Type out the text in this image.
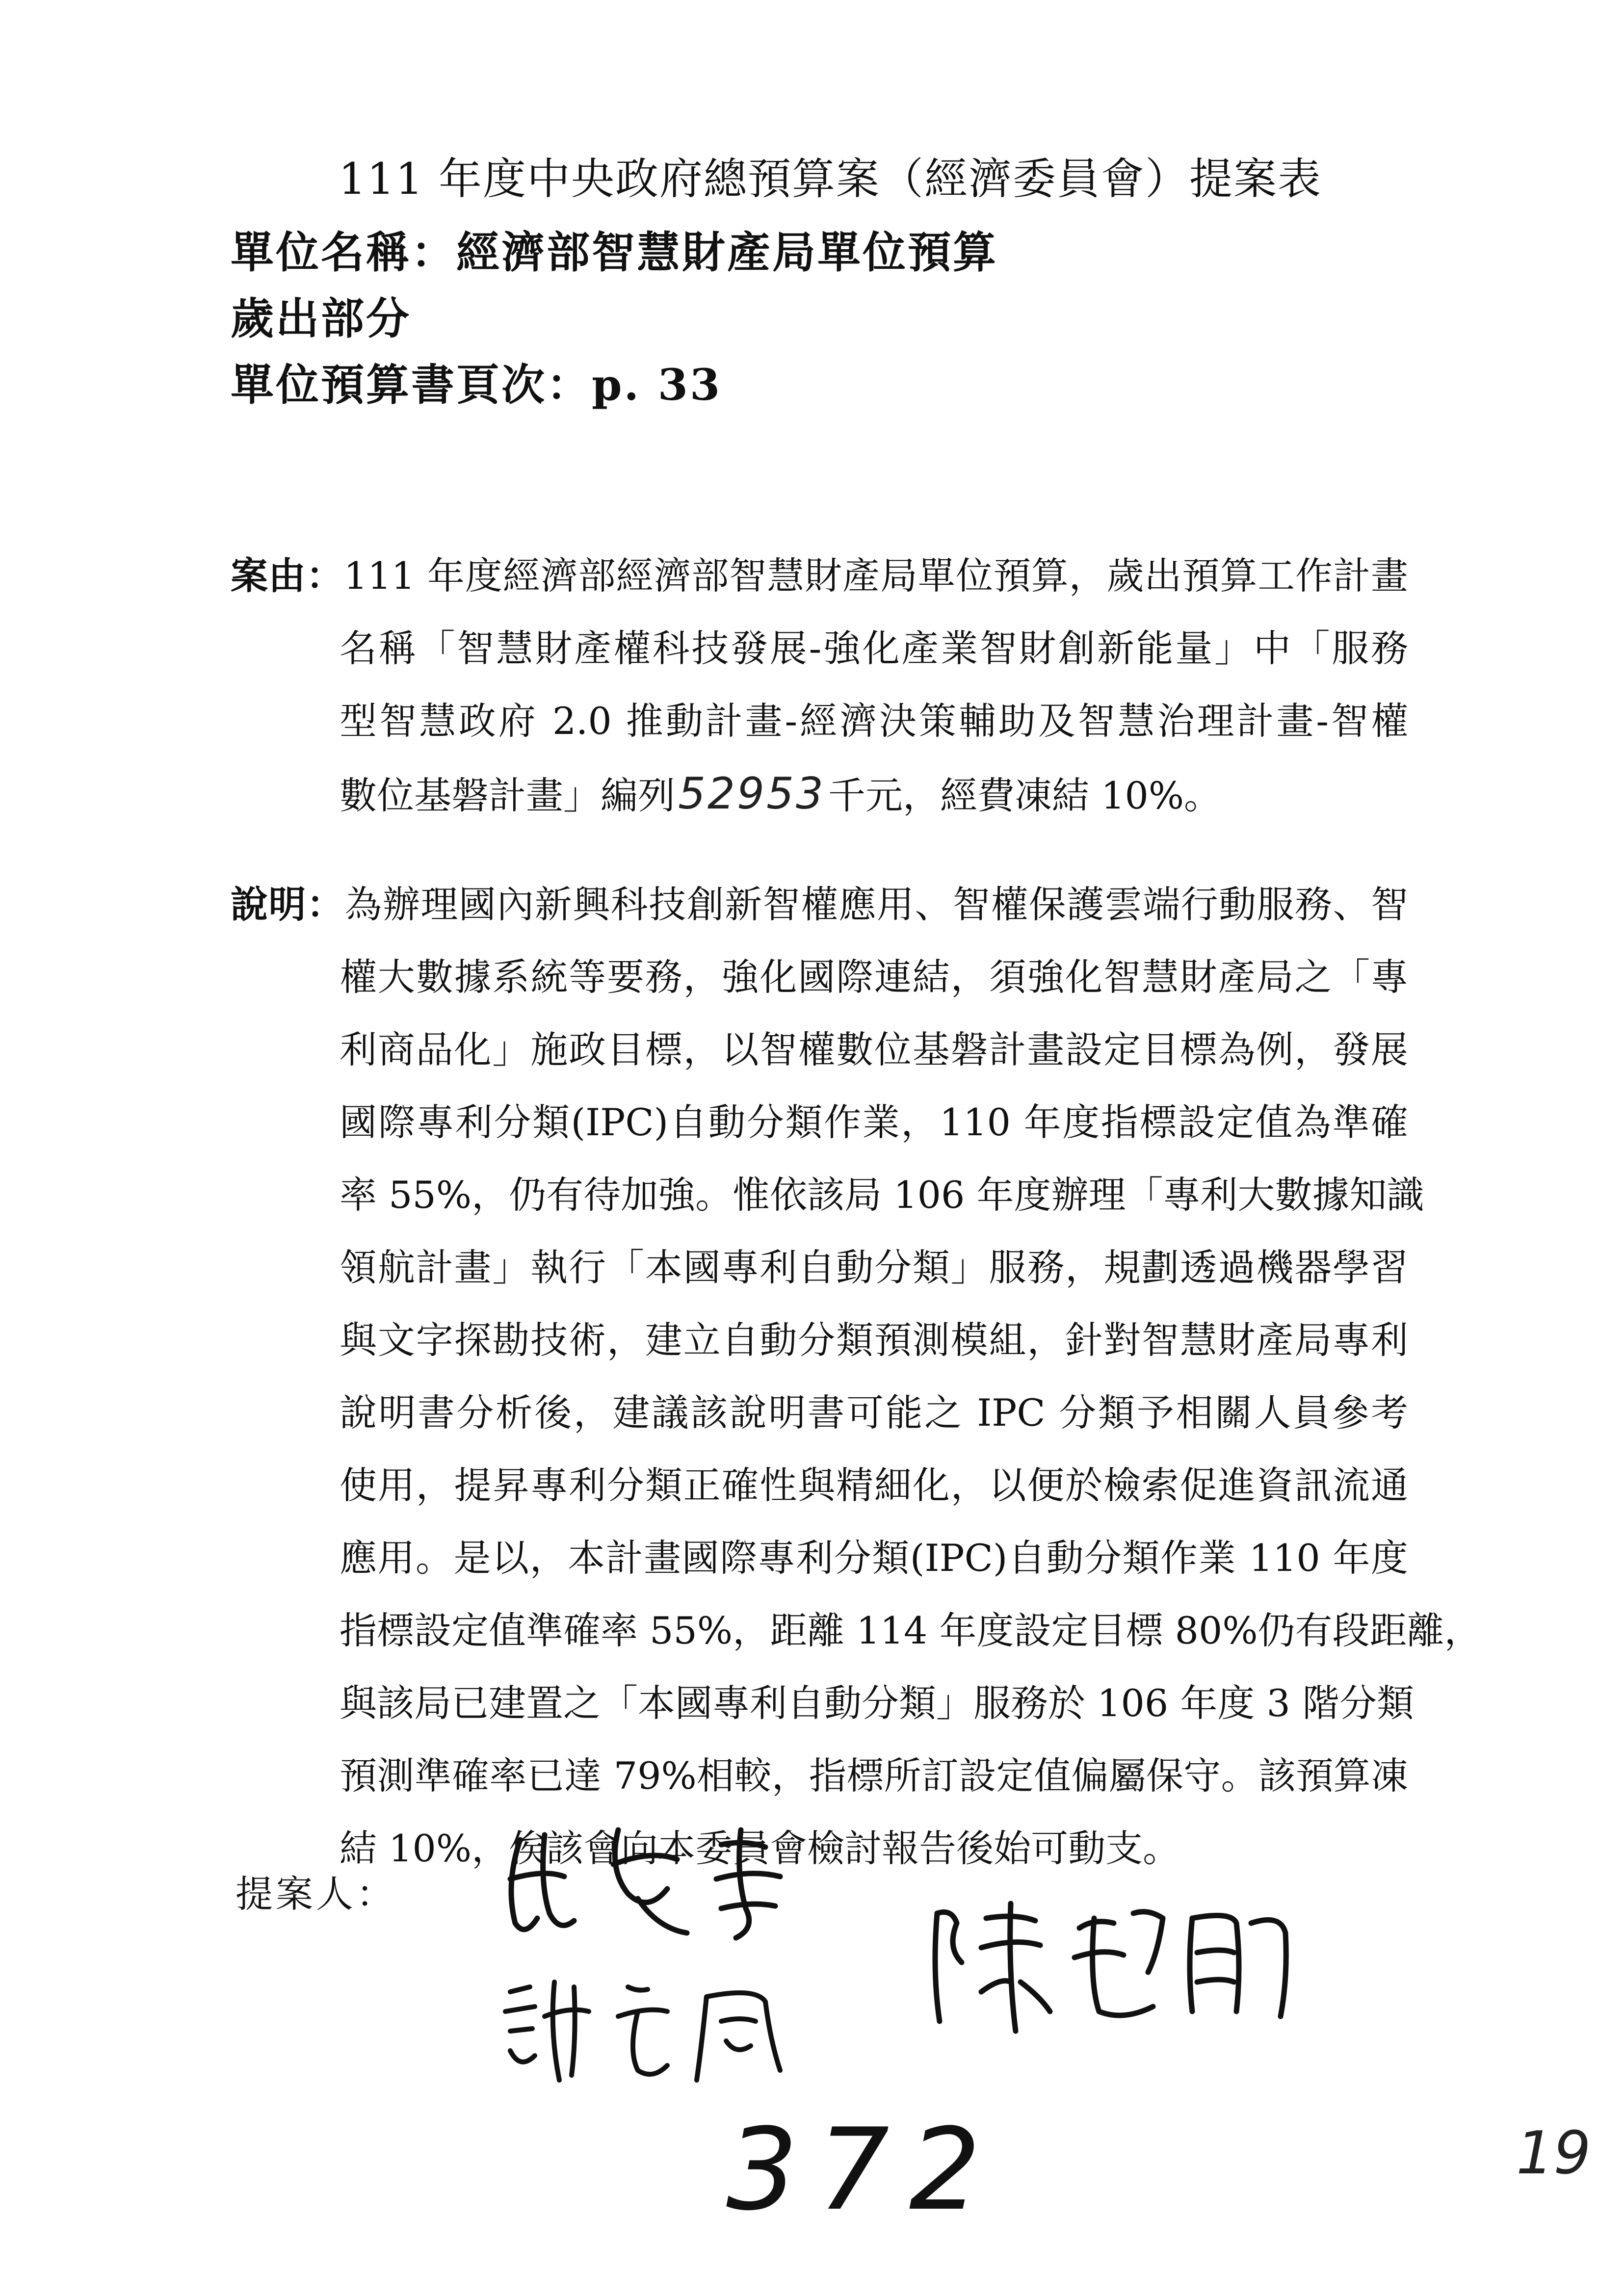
111 年度中央政府總預算案（經濟委員會）提案表
單位名稱：經濟部智慧財產局單位預算
歲出部分
單位預算書頁次：p. 33
案由：111 年度經濟部經濟部智慧財產局單位預算，歲出預算工作計畫
名稱「智慧財產權科技發展-強化產業智財創新能量」中「服務
型智慧政府 2.0 推動計畫-經濟決策輔助及智慧治理計畫-智權
數位基磐計畫」編列52953千元，經費凍結 10%。
說明：為辦理國內新興科技創新智權應用、智權保護雲端行動服務、智
權大數據系統等要務，強化國際連結，須強化智慧財產局之「專
利商品化」施政目標，以智權數位基磐計畫設定目標為例，發展
國際專利分類(IPC)自動分類作業，110 年度指標設定值為準確
率 55%，仍有待加強。惟依該局 106 年度辦理「專利大數據知識
領航計畫」執行「本國專利自動分類」服務，規劃透過機器學習
與文字探勘技術，建立自動分類預測模組，針對智慧財產局專利
說明書分析後，建議該說明書可能之 IPC 分類予相關人員參考
使用，提昇專利分類正確性與精細化，以便於檢索促進資訊流通
應用。是以，本計畫國際專利分類(IPC)自動分類作業 110 年度
指標設定值準確率 55%，距離 114 年度設定目標 80%仍有段距離，
與該局已建置之「本國專利自動分類」服務於 106 年度 3 階分類
預測準確率已達 79%相較，指標所訂設定值偏屬保守。該預算凍
結 10%，俟該會向本委員會檢討報告後始可動支。
提案人：
372	19
